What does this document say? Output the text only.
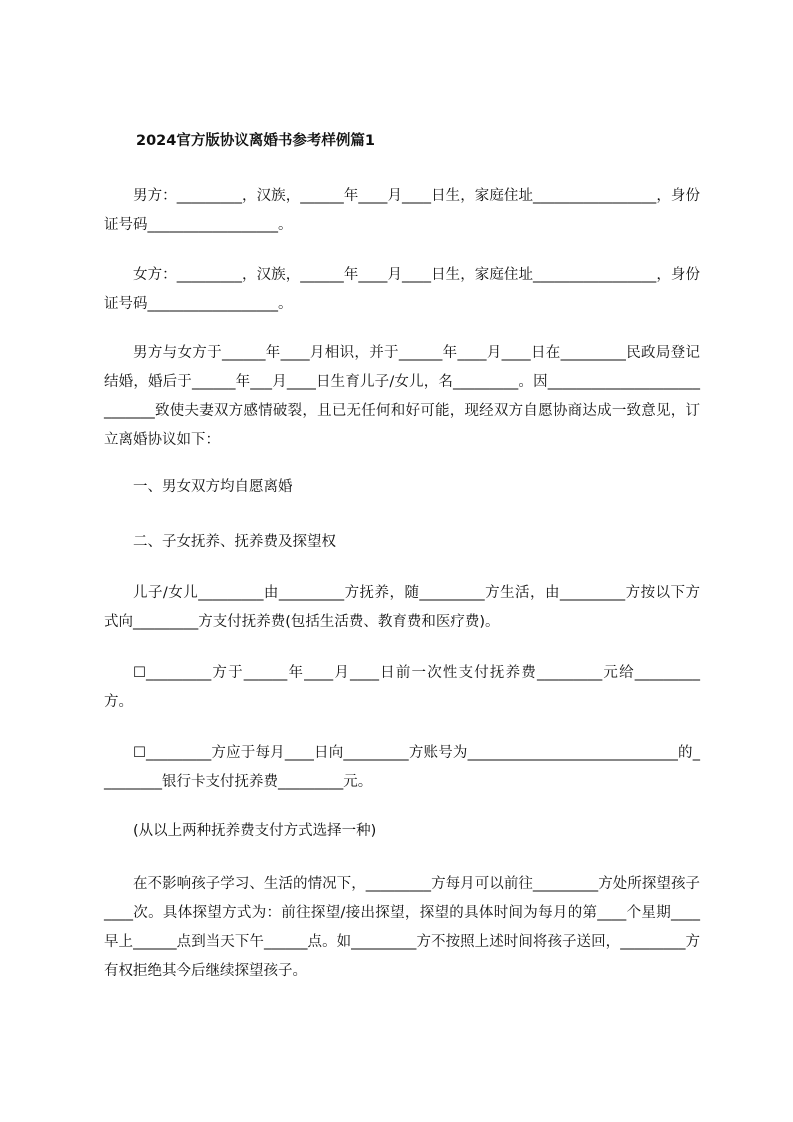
2024官方版协议离婚书参考样例篇1
男方：_________，汉族，______年____月____日生，家庭住址_________________，身份证号码__________________。
女方：_________，汉族，______年____月____日生，家庭住址_________________，身份证号码__________________。
男方与女方于______年____月相识，并于______年____月____日在_________民政局登记结婚，婚后于______年___月____日生育儿子/女儿，名_________。因____________________________致使夫妻双方感情破裂，且已无任何和好可能，现经双方自愿协商达成一致意见，订立离婚协议如下：
一、男女双方均自愿离婚
二、子女抚养、抚养费及探望权
儿子/女儿_________由_________方抚养，随_________方生活，由_________方按以下方式向_________方支付抚养费(包括生活费、教育费和医疗费)。
☐_________方于______年____月____日前一次性支付抚养费_________元给_________方。
☐_________方应于每月____日向_________方账号为_____________________________的_________银行卡支付抚养费_________元。
(从以上两种抚养费支付方式选择一种)
在不影响孩子学习、生活的情况下，_________方每月可以前往_________方处所探望孩子____次。具体探望方式为：前往探望/接出探望，探望的具体时间为每月的第____个星期____早上______点到当天下午______点。如_________方不按照上述时间将孩子送回，_________方有权拒绝其今后继续探望孩子。
